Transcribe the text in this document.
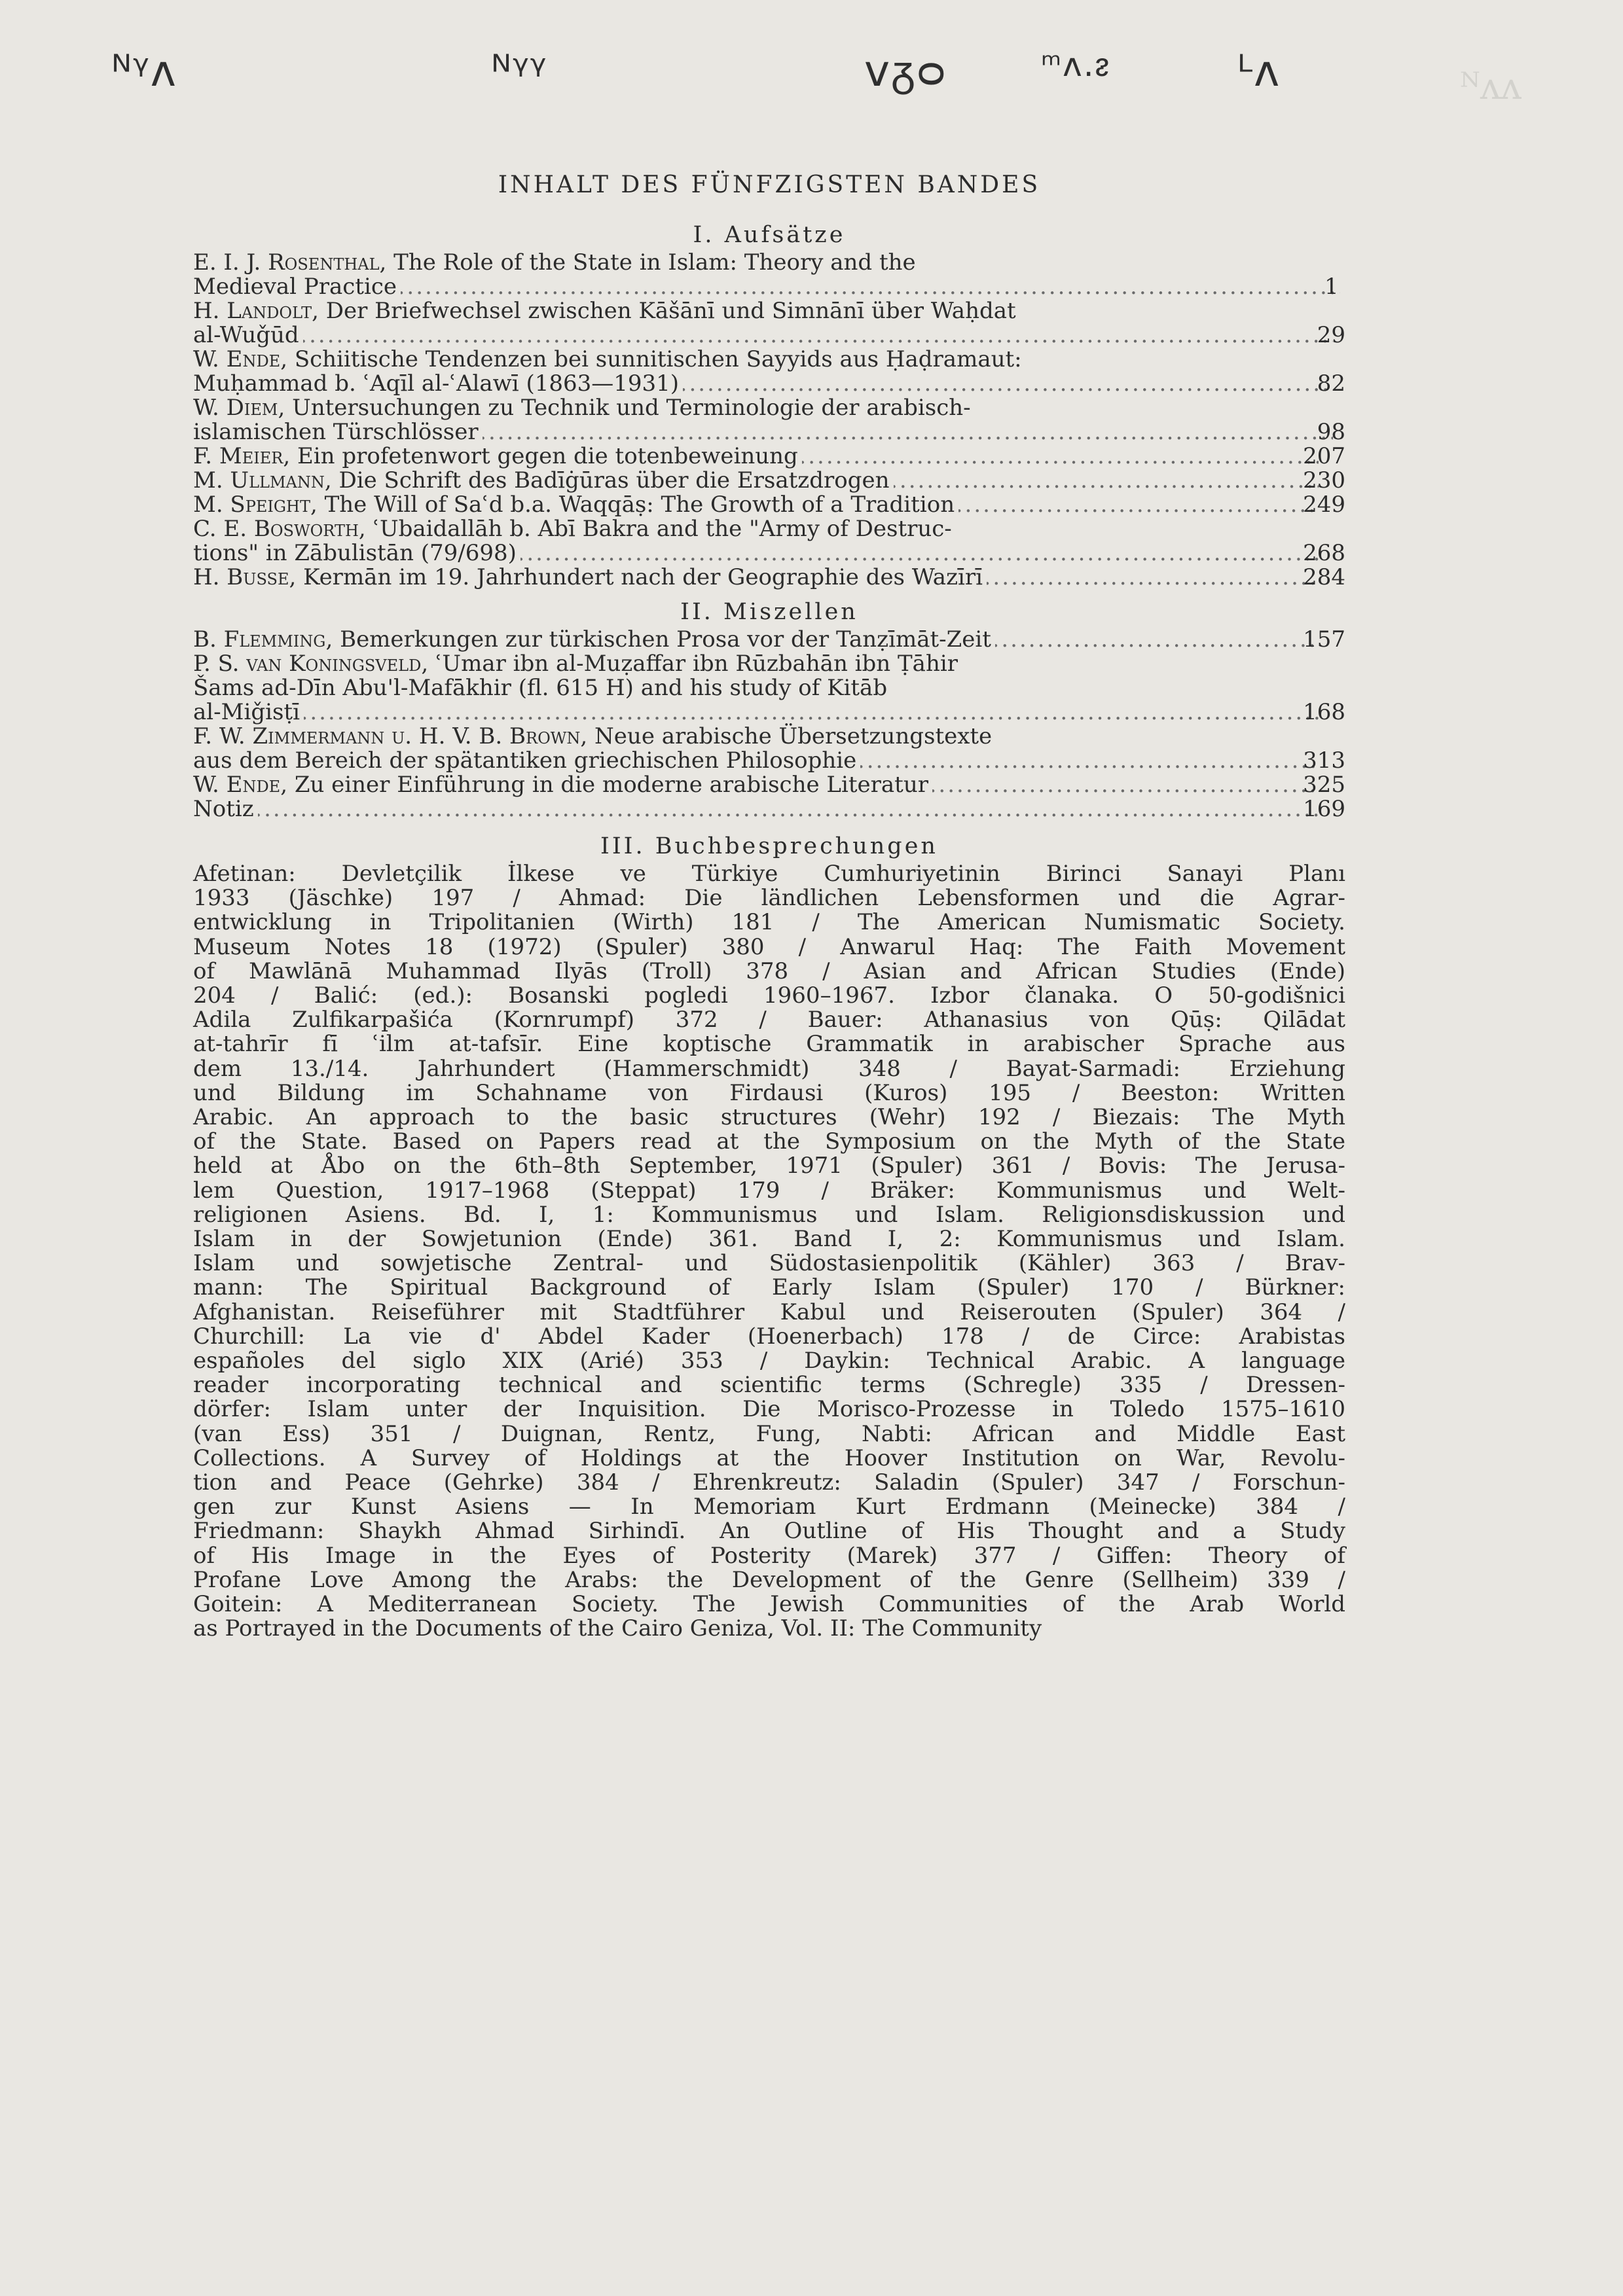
ᴺᴧᴧ
ᴺᵞᴧ	ᴺᵞᵞ	ᴠᵹᴑ	ᵐᴧ.ᴤ	ᴸᴧ
INHALT DES FÜNFZIGSTEN BANDES
I. Aufsätze
E. I. J. Rosenthal, The Role of the State in Islam: Theory and the
Medieval Practice .....	1
H. Landolt, Der Briefwechsel zwischen Kāšānī und Simnānī über Waḥdat
al-Wuǧūd .....	29
W. Ende, Schiitische Tendenzen bei sunnitischen Sayyids aus Ḥaḍramaut:
Muḥammad b. ʿAqīl al-ʿAlawī (1863—1931) .....	82
W. Diem, Untersuchungen zu Technik und Terminologie der arabisch-
islamischen Türschlösser .....	98
F. Meier, Ein profetenwort gegen die totenbeweinung .....	207
M. Ullmann, Die Schrift des Badīġūras über die Ersatzdrogen .....	230
M. Speight, The Will of Saʿd b.a. Waqqāṣ: The Growth of a Tradition .....	249
C. E. Bosworth, ʿUbaidallāh b. Abī Bakra and the "Army of Destruc-
tions" in Zābulistān (79/698) .....	268
H. Busse, Kermān im 19. Jahrhundert nach der Geographie des Wazīrī .....	284
II. Miszellen
B. Flemming, Bemerkungen zur türkischen Prosa vor der Tanẓīmāt-Zeit .....	157
P. S. van Koningsveld, ʿUmar ibn al-Muẓaffar ibn Rūzbahān ibn Ṭāhir
Šams ad-Dīn Abu'l-Mafākhir (fl. 615 H) and his study of Kitāb
al-Miǧisṭī .....	168
F. W. Zimmermann u. H. V. B. Brown, Neue arabische Übersetzungstexte
aus dem Bereich der spätantiken griechischen Philosophie .....	313
W. Ende, Zu einer Einführung in die moderne arabische Literatur .....	325
Notiz .....	169
III. Buchbesprechungen
Afetinan: Devletçilik İlkese ve Türkiye Cumhuriyetinin Birinci Sanayi Planı
1933 (Jäschke) 197 / Ahmad: Die ländlichen Lebensformen und die Agrar-
entwicklung in Tripolitanien (Wirth) 181 / The American Numismatic Society.
Museum Notes 18 (1972) (Spuler) 380 / Anwarul Haq: The Faith Movement
of Mawlānā Muhammad Ilyās (Troll) 378 / Asian and African Studies (Ende)
204 / Balić: (ed.): Bosanski pogledi 1960–1967. Izbor članaka. O 50-godišnici
Adila Zulfikarpašića (Kornrumpf) 372 / Bauer: Athanasius von Qūṣ: Qilādat
at-tahrīr fī ʿilm at-tafsīr. Eine koptische Grammatik in arabischer Sprache aus
dem 13./14. Jahrhundert (Hammerschmidt) 348 / Bayat-Sarmadi: Erziehung
und Bildung im Schahname von Firdausi (Kuros) 195 / Beeston: Written
Arabic. An approach to the basic structures (Wehr) 192 / Biezais: The Myth
of the State. Based on Papers read at the Symposium on the Myth of the State
held at Åbo on the 6th–8th September, 1971 (Spuler) 361 / Bovis: The Jerusa-
lem Question, 1917–1968 (Steppat) 179 / Bräker: Kommunismus und Welt-
religionen Asiens. Bd. I, 1: Kommunismus und Islam. Religionsdiskussion und
Islam in der Sowjetunion (Ende) 361. Band I, 2: Kommunismus und Islam.
Islam und sowjetische Zentral- und Südostasienpolitik (Kähler) 363 / Brav-
mann: The Spiritual Background of Early Islam (Spuler) 170 / Bürkner:
Afghanistan. Reiseführer mit Stadtführer Kabul und Reiserouten (Spuler) 364 /
Churchill: La vie d' Abdel Kader (Hoenerbach) 178 / de Circe: Arabistas
españoles del siglo XIX (Arié) 353 / Daykin: Technical Arabic. A language
reader incorporating technical and scientific terms (Schregle) 335 / Dressen-
dörfer: Islam unter der Inquisition. Die Morisco-Prozesse in Toledo 1575–1610
(van Ess) 351 / Duignan, Rentz, Fung, Nabti: African and Middle East
Collections. A Survey of Holdings at the Hoover Institution on War, Revolu-
tion and Peace (Gehrke) 384 / Ehrenkreutz: Saladin (Spuler) 347 / Forschun-
gen zur Kunst Asiens — In Memoriam Kurt Erdmann (Meinecke) 384 /
Friedmann: Shaykh Ahmad Sirhindī. An Outline of His Thought and a Study
of His Image in the Eyes of Posterity (Marek) 377 / Giffen: Theory of
Profane Love Among the Arabs: the Development of the Genre (Sellheim) 339 /
Goitein: A Mediterranean Society. The Jewish Communities of the Arab World
as Portrayed in the Documents of the Cairo Geniza, Vol. II: The Community
